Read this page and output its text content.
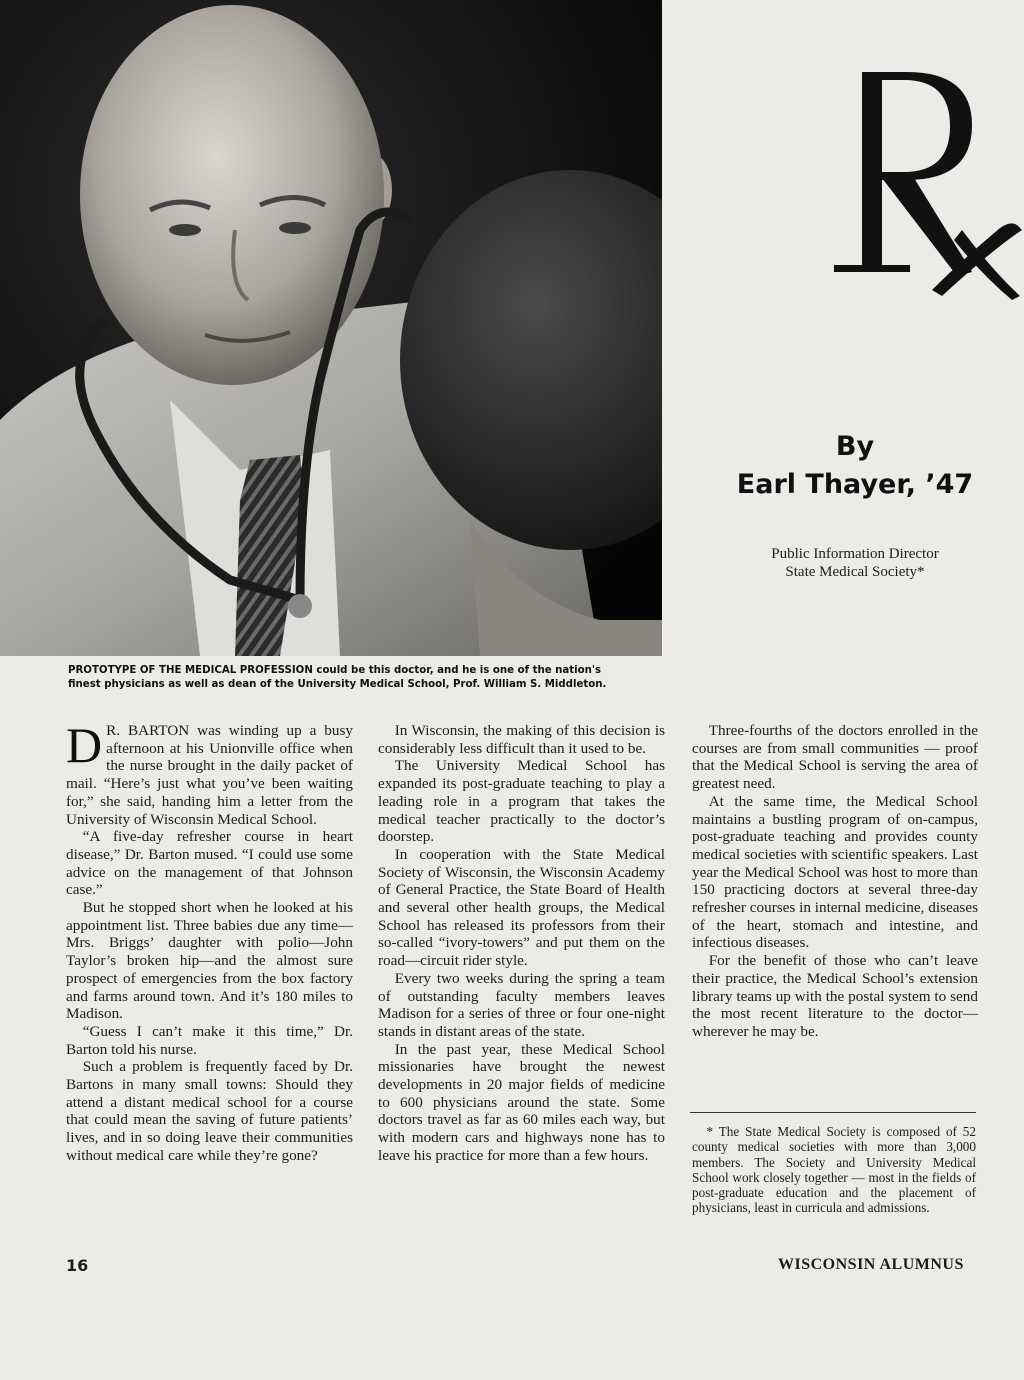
By
Earl Thayer, ’47
Public Information Director
State Medical Society*
PROTOTYPE OF THE MEDICAL PROFESSION could be this doctor, and he is one of the nation's
finest physicians as well as dean of the University Medical School, Prof. William S. Middleton.

D R. BARTON was winding up a busy afternoon at his Unionville office when the nurse brought in the daily packet of mail. “Here’s just what you’ve been waiting for,” she said, handing him a letter from the University of Wisconsin Medical School.

“A five-day refresher course in heart disease,” Dr. Barton mused. “I could use some advice on the management of that Johnson case.”

But he stopped short when he looked at his appointment list. Three babies due any time—Mrs. Briggs’ daughter with polio—John Taylor’s broken hip—and the almost sure prospect of emergencies from the box factory and farms around town. And it’s 180 miles to Madison.

“Guess I can’t make it this time,” Dr. Barton told his nurse.

Such a problem is frequently faced by Dr. Bartons in many small towns: Should they attend a distant medical school for a course that could mean the saving of future patients’ lives, and in so doing leave their communities without medical care while they’re gone?

In Wisconsin, the making of this decision is considerably less difficult than it used to be.

The University Medical School has expanded its post-graduate teaching to play a leading role in a program that takes the medical teacher practically to the doctor’s doorstep.

In cooperation with the State Medical Society of Wisconsin, the Wisconsin Academy of General Practice, the State Board of Health and several other health groups, the Medical School has released its professors from their so-called “ivory-towers” and put them on the road—circuit rider style.

Every two weeks during the spring a team of outstanding faculty members leaves Madison for a series of three or four one-night stands in distant areas of the state.

In the past year, these Medical School missionaries have brought the newest developments in 20 major fields of medicine to 600 physicians around the state. Some doctors travel as far as 60 miles each way, but with modern cars and highways none has to leave his practice for more than a few hours.

Three-fourths of the doctors enrolled in the courses are from small communities — proof that the Medical School is serving the area of greatest need.

At the same time, the Medical School maintains a bustling program of on-campus, post-graduate teaching and provides county medical societies with scientific speakers. Last year the Medical School was host to more than 150 practicing doctors at several three-day refresher courses in internal medicine, diseases of the heart, stomach and intestine, and infectious diseases.

For the benefit of those who can’t leave their practice, the Medical School’s extension library teams up with the postal system to send the most recent literature to the doctor—wherever he may be.

* The State Medical Society is composed of 52 county medical societies with more than 3,000 members. The Society and University Medical School work closely together — most in the fields of post-graduate education and the placement of physicians, least in curricula and admissions.
16	WISCONSIN ALUMNUS
